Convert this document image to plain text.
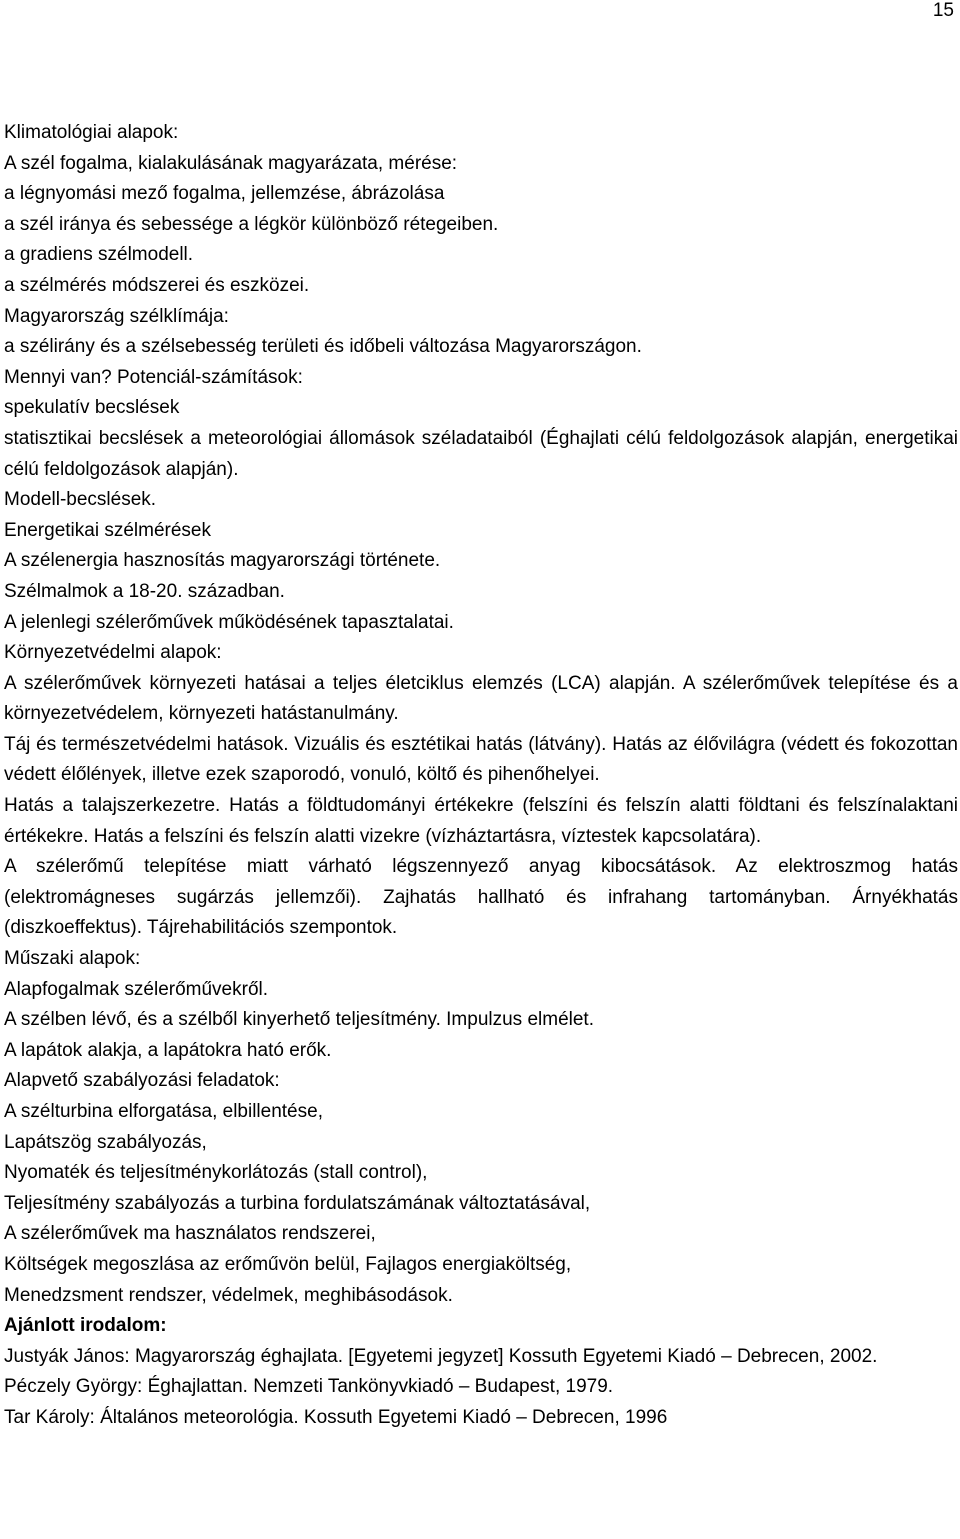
15
Klimatológiai alapok:
A szél fogalma, kialakulásának magyarázata, mérése:
a légnyomási mező fogalma, jellemzése, ábrázolása
a szél iránya és sebessége a légkör különböző rétegeiben.
a gradiens szélmodell.
a szélmérés módszerei és eszközei.
Magyarország szélklímája:
a szélirány és a szélsebesség területi és időbeli változása Magyarországon.
Mennyi van? Potenciál-számítások:
spekulatív becslések
statisztikai becslések a meteorológiai állomások széladataiból (Éghajlati célú feldolgozások alapján, energetikai célú feldolgozások alapján).
Modell-becslések.
Energetikai szélmérések
A szélenergia hasznosítás magyarországi története.
Szélmalmok a 18-20. században.
A jelenlegi szélerőművek működésének tapasztalatai.
Környezetvédelmi alapok:
A szélerőművek környezeti hatásai a teljes életciklus elemzés (LCA) alapján. A szélerőművek telepítése és a környezetvédelem, környezeti hatástanulmány.
Táj és természetvédelmi hatások. Vizuális és esztétikai hatás (látvány). Hatás az élővilágra (védett és fokozottan védett élőlények, illetve ezek szaporodó, vonuló, költő és pihenőhelyei.
Hatás a talajszerkezetre. Hatás a földtudományi értékekre (felszíni és felszín alatti földtani és felszínalaktani értékekre. Hatás a felszíni és felszín alatti vizekre (vízháztartásra, víztestek kapcsolatára).
A szélerőmű telepítése miatt várható légszennyező anyag kibocsátások. Az elektroszmog hatás (elektromágneses sugárzás jellemzői). Zajhatás hallható és infrahang tartományban. Árnyékhatás (diszkoeffektus). Tájrehabilitációs szempontok.
Műszaki alapok:
Alapfogalmak szélerőművekről.
A szélben lévő, és a szélből kinyerhető teljesítmény. Impulzus elmélet.
A lapátok alakja, a lapátokra ható erők.
Alapvető szabályozási feladatok:
A szélturbina elforgatása, elbillentése,
Lapátszög szabályozás,
Nyomaték és teljesítménykorlátozás (stall control),
Teljesítmény szabályozás a turbina fordulatszámának változtatásával,
A szélerőművek ma használatos rendszerei,
Költségek megoszlása az erőművön belül, Fajlagos energiaköltség,
Menedzsment rendszer, védelmek, meghibásodások.
Ajánlott irodalom:
Justyák János: Magyarország éghajlata. [Egyetemi jegyzet] Kossuth Egyetemi Kiadó – Debrecen, 2002.
Péczely György: Éghajlattan. Nemzeti Tankönyvkiadó – Budapest, 1979.
Tar Károly: Általános meteorológia. Kossuth Egyetemi Kiadó – Debrecen, 1996
